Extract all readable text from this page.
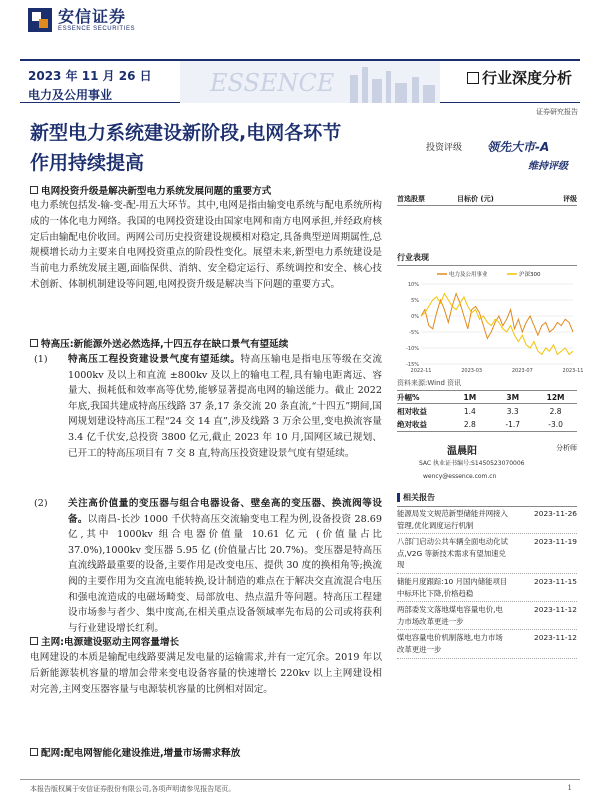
安信证券
ESSENCE SECURITIES
2023 年 11 月 26 日
电力及公用事业	ESSENCE	行业深度分析
证券研究报告
新型电力系统建设新阶段,电网各环节
作用持续提高
投资评级 领先大市-A
维持评级
电网投资升级是解决新型电力系统发展问题的重要方式
电力系统包括发-输-变-配-用五大环节。其中,电网是指由输变电系统与配电系统所构成的一体化电力网络。我国的电网投资建设由国家电网和南方电网承担,并经政府核定后由输配电价收回。两网公司历史投资建设规模相对稳定,具备典型逆周期属性,总规模增长动力主要来自电网投资重点的阶段性变化。展望未来,新型电力系统建设是当前电力系统发展主题,面临保供、消纳、安全稳定运行、系统调控和安全、核心技术创新、体制机制建设等问题,电网投资升级是解决当下问题的重要方式。
特高压:新能源外送必然选择,十四五存在缺口景气有望延续
(1) 特高压工程投资建设景气度有望延续。特高压输电是指电压等级在交流 1000kv 及以上和直流 ±800kv 及以上的输电工程,具有输电距离远、容量大、损耗低和效率高等优势,能够显著提高电网的输送能力。截止 2022 年底,我国共建成特高压线路 37 条,17 条交流 20 条直流,“十四五”期间,国网规划建设特高压工程“24 交 14 直”,涉及线路 3 万余公里,变电换流容量 3.4 亿千伏安,总投资 3800 亿元,截止 2023 年 10 月,国网区域已规划、已开工的特高压项目有 7 交 8 直,特高压投资建设景气度有望延续。
(2) 关注高价值量的变压器与组合电器设备、壁垒高的变压器、换流阀等设备。以南昌-长沙 1000 千伏特高压交流输变电工程为例,设备投资 28.69 亿,其中 1000kv 组合电器价值量 10.61 亿元 (价值量占比 37.0%),1000kv 变压器 5.95 亿 (价值量占比 20.7%)。变压器是特高压直流线路最重要的设备,主要作用是改变电压、提供 30 度的换相角等;换流阀的主要作用为交直流电能转换,设计制造的难点在于解决交直流混合电压和强电流造成的电磁场畸变、局部放电、热点温升等问题。特高压工程建设市场参与者少、集中度高,在相关重点设备领域率先布局的公司或将获利与行业建设增长红利。
主网:电源建设驱动主网容量增长
电网建设的本质是输配电线路要满足发电量的运输需求,并有一定冗余。2019 年以后新能源装机容量的增加会带来变电设备容量的快速增长 220kv 以上主网建设相对完善,主网变压器容量与电源装机容量的比例相对固定。
配网:配电网智能化建设推进,增量市场需求释放
首选股票	目标价 (元)	评级
行业表现
10%
5%
0%
-5%
-10%
-15%
2022-11	2023-03	2023-07	2023-11
电力及公用事业	沪深300
资料来源:Wind 资讯
升幅%	1M	3M	12M
相对收益	1.4	3.3	2.8
绝对收益	2.8	-1.7	-3.0
温晨阳	分析师
SAC 执业证书编号:S1450523070006
wency@essence.com.cn
相关报告
能源局发文规范新型储能并网接入管理,优化调度运行机制
2023-11-26
八部门启动公共车辆全面电动化试点,V2G 等新技术需求有望加速兑现
2023-11-19
储能月度跟踪:10 月国内储能项目中标环比下降,价格趋稳
2023-11-15
两部委发文落地煤电容量电价,电力市场改革更进一步
2023-11-12
煤电容量电价机制落地,电力市场改革更进一步
2023-11-12
本报告版权属于安信证券股份有限公司,各项声明请参见报告尾页。	1
